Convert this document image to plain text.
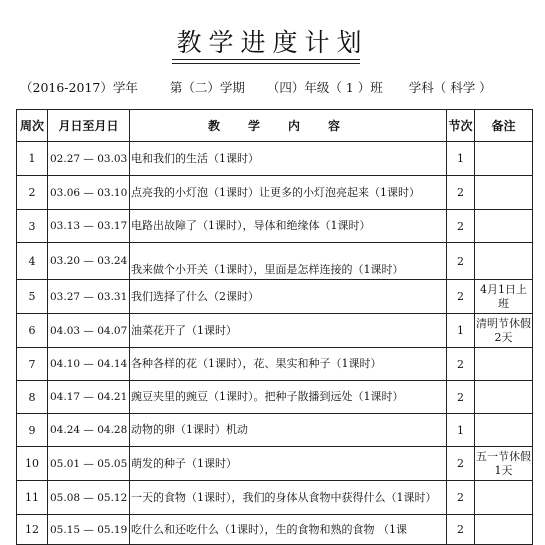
教学进度计划
（2016-2017）学年	第（二）学期 （四）年级（ 1 ）班 学科（ 科学 ）
周次	月日至月日	教学内容	节次	备注
1	02.27 — 03.03	电和我们的生活（1课时）	1	
2	03.06 — 03.10	点亮我的小灯泡（1课时）让更多的小灯泡亮起来（1课时）	2	
3	03.13 — 03.17	电路出故障了（1课时），导体和绝缘体（1课时）	2	
4	03.20 — 03.24	我来做个小开关（1课时），里面是怎样连接的（1课时）	2	
5	03.27 — 03.31	我们选择了什么（2课时）	2	4月1日上班
6	04.03 — 04.07	油菜花开了（1课时）	1	清明节休假2天
7	04.10 — 04.14	各种各样的花（1课时），花、果实和种子（1课时）	2	
8	04.17 — 04.21	豌豆夹里的豌豆（1课时）。把种子散播到远处（1课时）	2	
9	04.24 — 04.28	动物的卵（1课时）机动	1	
10	05.01 — 05.05	萌发的种子（1课时）	2	五一节休假1天
11	05.08 — 05.12	一天的食物（1课时），我们的身体从食物中获得什么（1课时）	2	
12	05.15 — 05.19	吃什么和还吃什么（1课时），生的食物和熟的食物 （1课	2	
